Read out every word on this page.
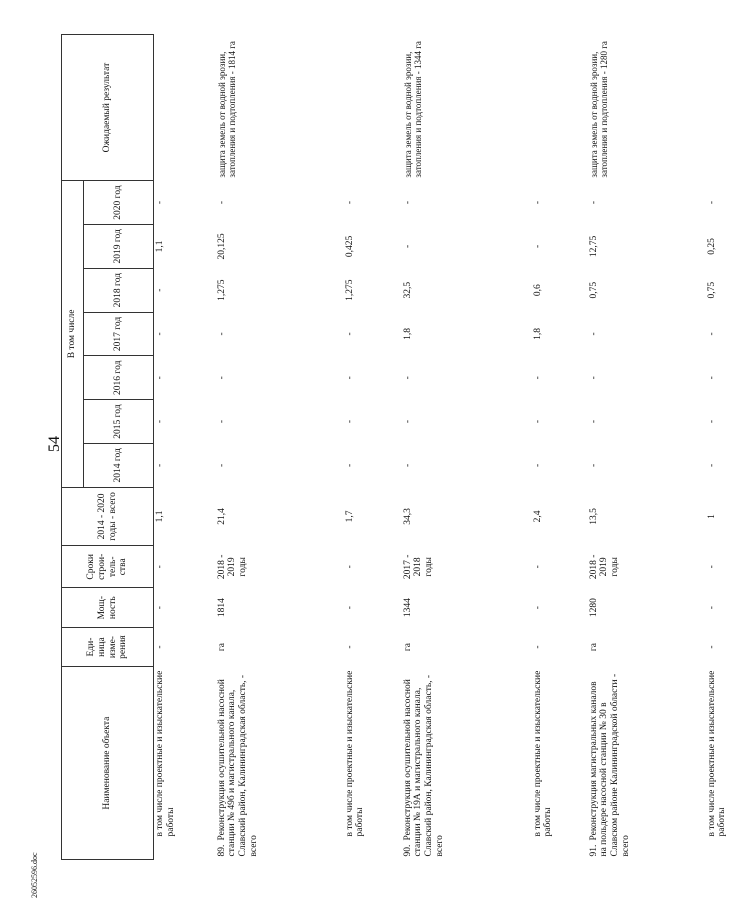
54
Наименование объекта	Еди-ница изме-рения	Мощ-ность	Сроки строи-тель-ства	2014 - 2020 годы - всего	В том числе							Ожидаемый результат
					2014 год	2015 год	2016 год	2017 год	2018 год	2019 год	2020 год	
в том числе проектные и изыскательские работы	-	-	-	1,1	-	-	-	-	-	1,1	-	
89.Реконструкция осушительной насосной станции № 49б и магистрального канала, Славский район, Калининградская область, - всего	га	1814	2018 - 2019 годы	21,4	-	-	-	-	1,275	20,125	-	защита земель от водной эрозии, затопления и подтопления - 1814 га
в том числе проектные и изыскательские работы	-	-	-	1,7	-	-	-	-	1,275	0,425	-	
90.Реконструкция осушительной насосной станции № 19А и магистрального канала, Славский район, Калининградская область, - всего	га	1344	2017 - 2018 годы	34,3	-	-	-	1,8	32,5	-	-	защита земель от водной эрозии, затопления и подтопления - 1344 га
в том числе проектные и изыскательские работы	-	-	-	2,4	-	-	-	1,8	0,6	-	-	
91.Реконструкция магистральных каналов на польдере насосной станции № 30 в Славском районе Калининградской области - всего	га	1280	2018 - 2019 годы	13,5	-	-	-	-	0,75	12,75	-	защита земель от водной эрозии, затопления и подтопления - 1280 га
в том числе проектные и изыскательские работы	-	-	-	1	-	-	-	-	0,75	0,25	-	
26052596.doc
